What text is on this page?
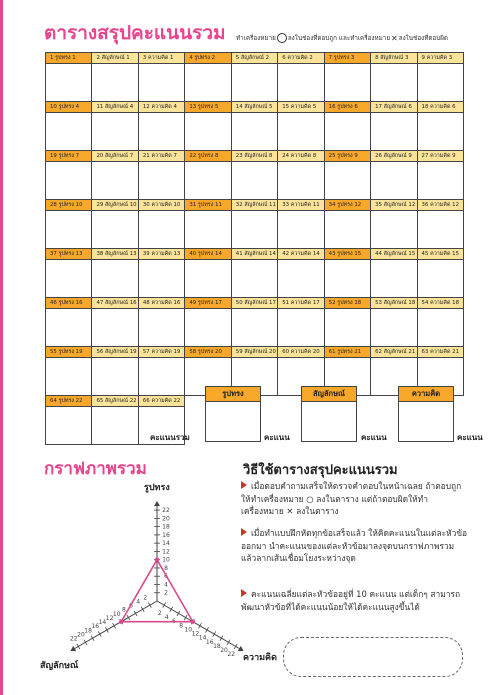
ตารางสรุปคะแนนรวม ทำเครื่องหมาย○ลงในช่องที่ตอบถูก และทำเครื่องหมาย✕ลงในช่องที่ตอบผิด
1 รูปทรง 1	2 สัญลักษณ์ 1	3 ความคิด 1	4 รูปทรง 2	5 สัญลักษณ์ 2	6 ความคิด 2	7 รูปทรง 3	8 สัญลักษณ์ 3	9 ความคิด 3
10 รูปทรง 4	11 สัญลักษณ์ 4	12 ความคิด 4	13 รูปทรง 5	14 สัญลักษณ์ 5	15 ความคิด 5	16 รูปทรง 6	17 สัญลักษณ์ 6	18 ความคิด 6
19 รูปทรง 7	20 สัญลักษณ์ 7	21 ความคิด 7	22 รูปทรง 8	23 สัญลักษณ์ 8	24 ความคิด 8	25 รูปทรง 9	26 สัญลักษณ์ 9	27 ความคิด 9
28 รูปทรง 10	29 สัญลักษณ์ 10	30 ความคิด 10	31 รูปทรง 11	32 สัญลักษณ์ 11	33 ความคิด 11	34 รูปทรง 12	35 สัญลักษณ์ 12	36 ความคิด 12
37 รูปทรง 13	38 สัญลักษณ์ 13	39 ความคิด 13	40 รูปทรง 14	41 สัญลักษณ์ 14	42 ความคิด 14	43 รูปทรง 15	44 สัญลักษณ์ 15	45 ความคิด 15
46 รูปทรง 16	47 สัญลักษณ์ 16	48 ความคิด 16	49 รูปทรง 17	50 สัญลักษณ์ 17	51 ความคิด 17	52 รูปทรง 18	53 สัญลักษณ์ 18	54 ความคิด 18
55 รูปทรง 19	56 สัญลักษณ์ 19	57 ความคิด 19	58 รูปทรง 20	59 สัญลักษณ์ 20	60 ความคิด 20	61 รูปทรง 21	62 สัญลักษณ์ 21	63 ความคิด 21
64 รูปทรง 22	65 สัญลักษณ์ 22	66 ความคิด 22
คะแนนรวม
รูปทรง
คะแนน
สัญลักษณ์
คะแนน
ความคิด
คะแนน
กราฟภาพรวม
2
4
6
8
10
12
14
16
18
20
22
2
4
6
8
10
12
14
16
18
20
22
2
4
6
8
10
12
14
16
18
20
22
รูปทรง
สัญลักษณ์
ความคิด
วิธีใช้ตารางสรุปคะแนนรวม
เมื่อตอบคำถามเสร็จให้ตรวจคำตอบในหน้าเฉลย ถ้าตอบถูกให้ทำเครื่องหมาย ○ ลงในตาราง แต่ถ้าตอบผิดให้ทำเครื่องหมาย ✕ ลงในตาราง
เมื่อทำแบบฝึกหัดทุกข้อเสร็จแล้ว ให้คิดคะแนนในแต่ละหัวข้อออกมา นำคะแนนของแต่ละหัวข้อมาลงจุดบนกราฟภาพรวมแล้วลากเส้นเชื่อมโยงระหว่างจุด
คะแนนเฉลี่ยแต่ละหัวข้ออยู่ที่ 10 คะแนน แต่เด็กๆ สามารถพัฒนาหัวข้อที่ได้คะแนนน้อยให้ได้คะแนนสูงขึ้นได้
